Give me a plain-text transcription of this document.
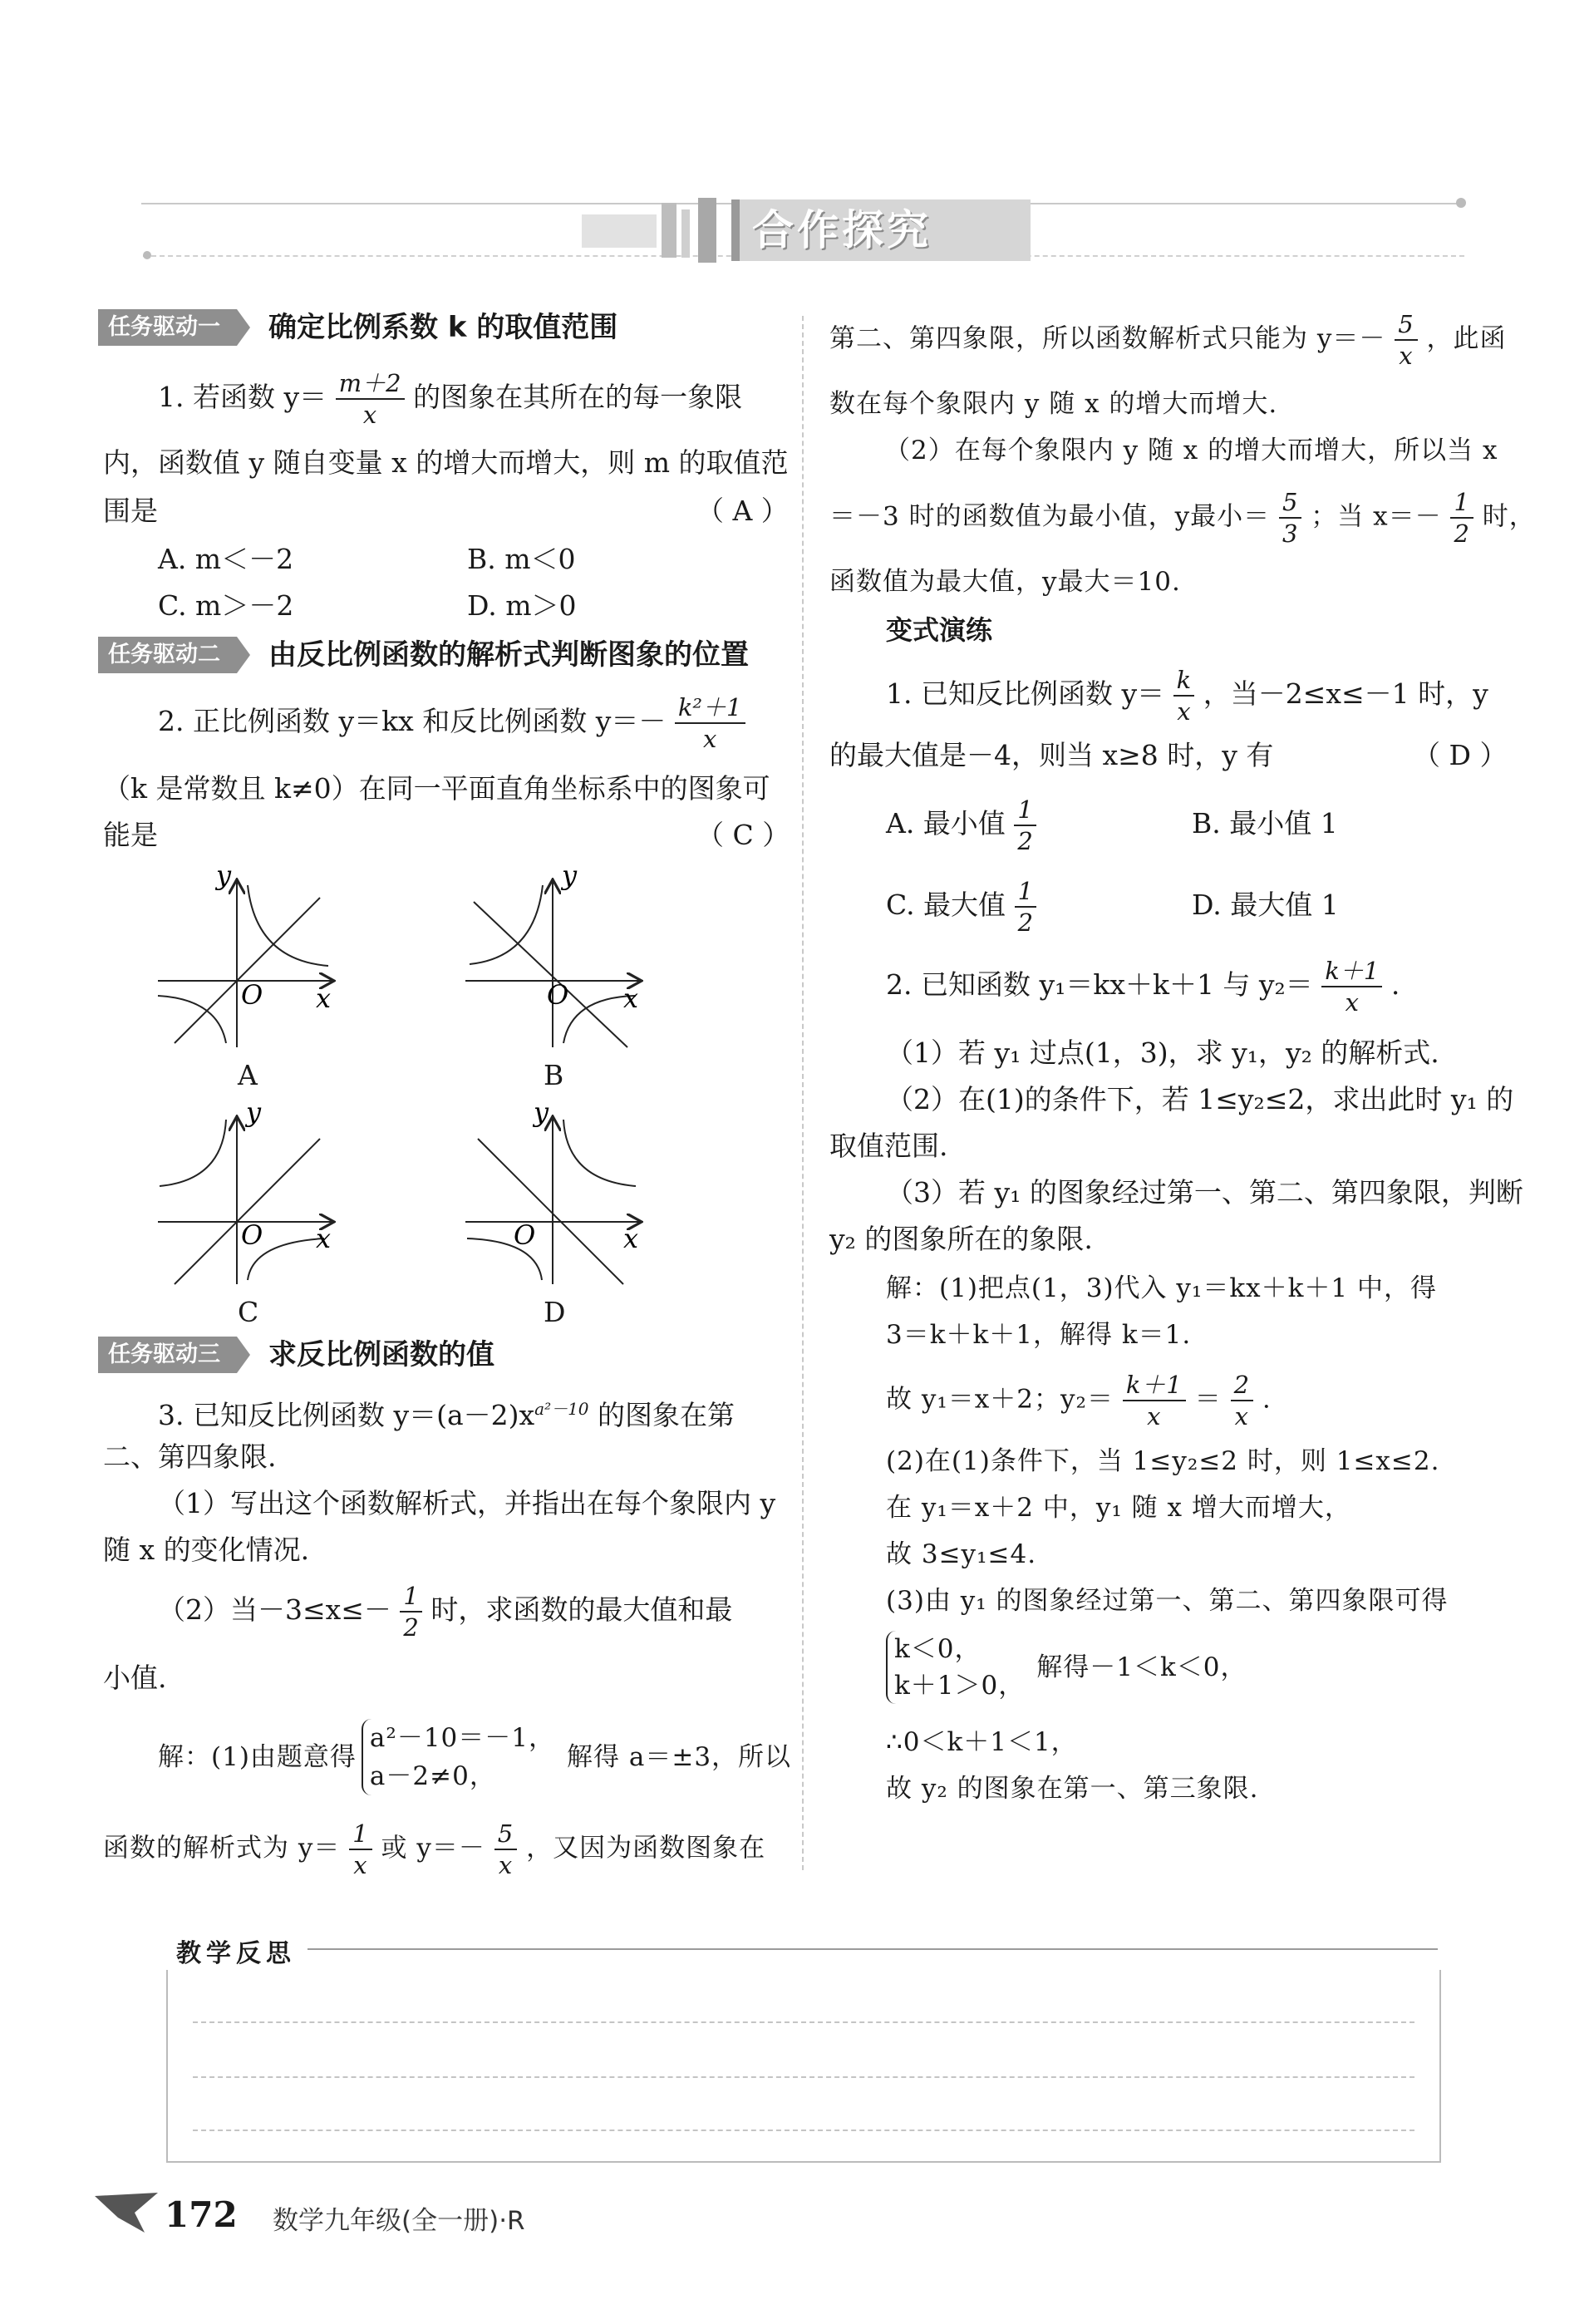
合作探究
任务驱动一	确定比例系数 k 的取值范围
1. 若函数 $y= \frac{m+2}{x}$ 的图象在其所在的每一象限
内，函数值 y 随自变量 x 的增大而增大，则 m 的取值范
围是	（ A ）
A. m＜－2	B. m＜0
C. m＞－2	D. m＞0
任务驱动二	由反比例函数的解析式判断图象的位置
2. 正比例函数 y＝kx 和反比例函数 $y=- \frac{\text{k²＋1}}{x}$
（k 是常数且 k≠0）在同一平面直角坐标系中的图象可
能是	（ C ）
y
x
O
A
y
x
O
B
y
x
O
C
y
x
O
D
任务驱动三	求反比例函数的值
3. 已知反比例函数 $y=(a-2)x^{a^2-10}$ 的图象在第
二、第四象限.
（1）写出这个函数解析式，并指出在每个象限内 y
随 x 的变化情况.
（2）当$-3\le x\le- \frac{1}{2}$ 时，求函数的最大值和最
小值.
解：(1)由题意得
a²－10＝－1，
a－2≠0，
解得 a＝±3，所以
函数的解析式为 $y= \frac{1}{x}$ 或 $y=- \frac{5}{x}$ ，又因为函数图象在
第二、第四象限，所以函数解析式只能为 $y=- \frac{5}{x}$ ，此函
数在每个象限内 y 随 x 的增大而增大.
（2）在每个象限内 y 随 x 的增大而增大，所以当 x
＝－3 时的函数值为最小值，y最小＝ $\frac{5}{3}$ ；当 $x=- \frac{1}{2}$ 时，
函数值为最大值，y最大＝10.
变式演练
1. 已知反比例函数 $y= \frac{k}{x}$ ，当－2≤x≤－1 时，y
的最大值是－4，则当 x≥8 时，y 有	（ D ）
A. 最小值 $\frac{1}{2}$	B. 最小值 1
C. 最大值 $\frac{1}{2}$	D. 最大值 1
2. 已知函数 y₁＝kx＋k＋1 与 $y_2= \frac{k+1}{x}$ .
（1）若 y₁ 过点(1，3)，求 y₁，y₂ 的解析式.
（2）在(1)的条件下，若 1≤y₂≤2，求出此时 y₁ 的
取值范围.
（3）若 y₁ 的图象经过第一、第二、第四象限，判断
y₂ 的图象所在的象限.
解：(1)把点(1，3)代入 y₁＝kx＋k＋1 中，得
3＝k＋k＋1，解得 k＝1.
故 y₁＝x＋2；$y_2= \frac{k+1}{x} = \frac{2}{x}$ .
(2)在(1)条件下，当 1≤y₂≤2 时，则 1≤x≤2.
在 y₁＝x＋2 中，y₁ 随 x 增大而增大，
故 3≤y₁≤4.
(3)由 y₁ 的图象经过第一、第二、第四象限可得
k＜0，
k＋1＞0，
解得－1＜k＜0，
∴0＜k＋1＜1，
故 y₂ 的图象在第一、第三象限.
教学反思
172 数学九年级(全一册)·R
